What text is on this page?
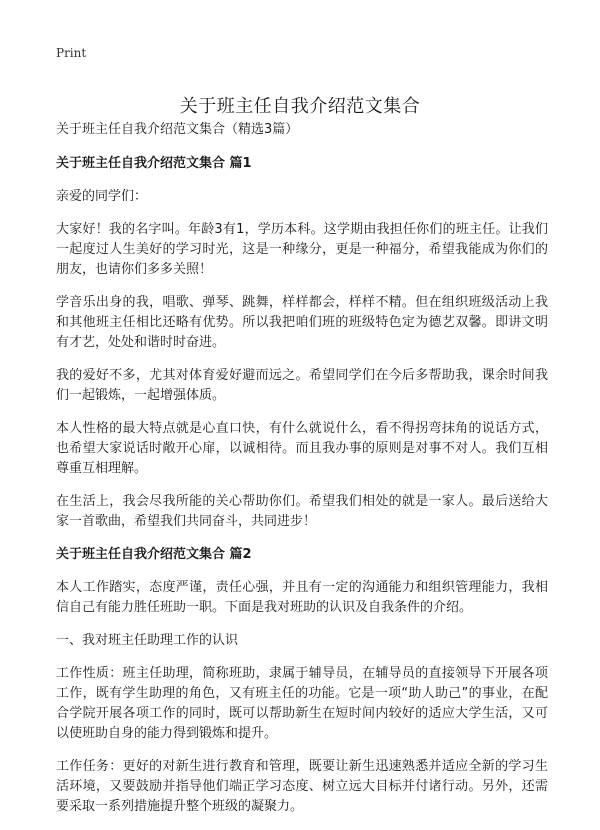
Print
关于班主任自我介绍范文集合
关于班主任自我介绍范文集合（精选3篇）
关于班主任自我介绍范文集合 篇1

亲爱的同学们：

大家好！我的名字叫。年龄3有1，学历本科。这学期由我担任你们的班主任。让我们一起度过人生美好的学习时光，这是一种缘分，更是一种福分，希望我能成为你们的朋友，也请你们多多关照！

学音乐出身的我，唱歌、弹琴、跳舞，样样都会，样样不精。但在组织班级活动上我和其他班主任相比还略有优势。所以我把咱们班的班级特色定为德艺双馨。即讲文明有才艺，处处和谐时时奋进。

我的爱好不多，尤其对体育爱好避而远之。希望同学们在今后多帮助我，课余时间我们一起锻炼，一起增强体质。

本人性格的最大特点就是心直口快，有什么就说什么，看不得拐弯抹角的说话方式，也希望大家说话时敞开心扉，以诚相待。而且我办事的原则是对事不对人。我们互相尊重互相理解。

在生活上，我会尽我所能的关心帮助你们。希望我们相处的就是一家人。最后送给大家一首歌曲，希望我们共同奋斗，共同进步！

关于班主任自我介绍范文集合 篇2

本人工作踏实，态度严谨，责任心强，并且有一定的沟通能力和组织管理能力，我相信自己有能力胜任班助一职。下面是我对班助的认识及自我条件的介绍。

一、我对班主任助理工作的认识

工作性质：班主任助理，简称班助，隶属于辅导员，在辅导员的直接领导下开展各项工作，既有学生助理的角色，又有班主任的功能。它是一项“助人助己”的事业，在配合学院开展各项工作的同时，既可以帮助新生在短时间内较好的适应大学生活，又可以使班助自身的能力得到锻炼和提升。

工作任务：更好的对新生进行教育和管理，既要让新生迅速熟悉并适应全新的学习生活环境，又要鼓励并指导他们端正学习态度、树立远大目标并付诸行动。另外，还需要采取一系列措施提升整个班级的凝聚力。
